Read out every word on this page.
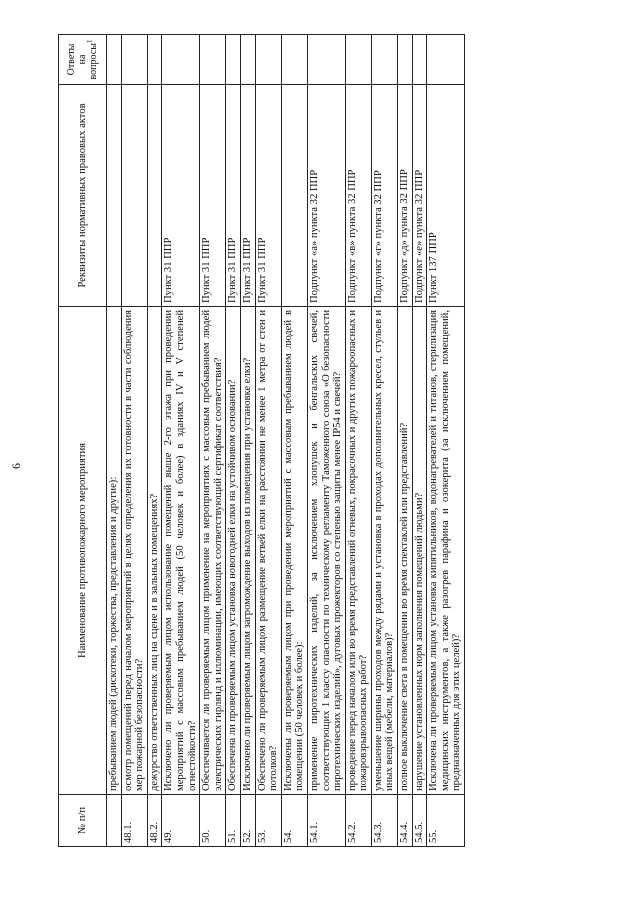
6
№ п/п	Наименование противопожарного мероприятия	Реквизиты нормативных правовых актов	Ответы на вопросы$^1$
	пребыванием людей (дискотеки, торжества, представления и другие):		
48.1.	осмотр помещений перед началом мероприятий в целях определения их готовности в части соблюдения мер пожарной безопасности?		
48.2.	дежурство ответственных лиц на сцене и в зальных помещениях?		
49.	Исключено ли проверяемым лицом использование помещений выше 2-го этажа при проведении мероприятий с массовым пребыванием людей (50 человек и более) в зданиях IV и V степеней огнестойкости?	Пункт 31 ППР	
50.	Обеспечивается ли проверяемым лицом применение на мероприятиях с массовым пребыванием людей электрических гирлянд и иллюминации, имеющих соответствующий сертификат соответствия?	Пункт 31 ППР	
51.	Обеспечена ли проверяемым лицом установка новогодней елки на устойчивом основании?	Пункт 31 ППР	
52.	Исключено ли проверяемым лицом загромождение выходов из помещения при установке елки?	Пункт 31 ППР	
53.	Обеспечено ли проверяемым лицом размещение ветвей елки на расстоянии не менее 1 метра от стен и потолков?	Пункт 31 ППР	
54.	Исключены ли проверяемым лицом при проведении мероприятий с массовым пребыванием людей в помещении (50 человек и более):		
54.1.	применение пиротехнических изделий, за исключением хлопушек и бенгальских свечей, соответствующих 1 классу опасности по техническому регламенту Таможенного союза «О безопасности пиротехнических изделий», дуговых прожекторов со степенью защиты менее IP54 и свечей?	Подпункт «а» пункта 32 ППР	
54.2.	проведение перед началом или во время представлений огневых, покрасочных и других пожароопасных и пожаровзрывоопасных работ?	Подпункт «в» пункта 32 ППР	
54.3.	уменьшение ширины проходов между рядами и установка в проходах дополнительных кресел, стульев и иных вещей (мебели, материалов)?	Подпункт «г» пункта 32 ППР	
54.4.	полное выключение света в помещении во время спектаклей или представлений?	Подпункт «д» пункта 32 ППР	
54.5.	нарушение установленных норм заполнения помещений людьми?	Подпункт «е» пункта 32 ППР	
55.	Исключена ли проверяемым лицом установка кипятильников, водонагревателей и титанов, стерилизация медицинских инструментов, а также разогрев парафина и озокерита (за исключением помещений, предназначенных для этих целей)?	Пункт 137 ППР	
